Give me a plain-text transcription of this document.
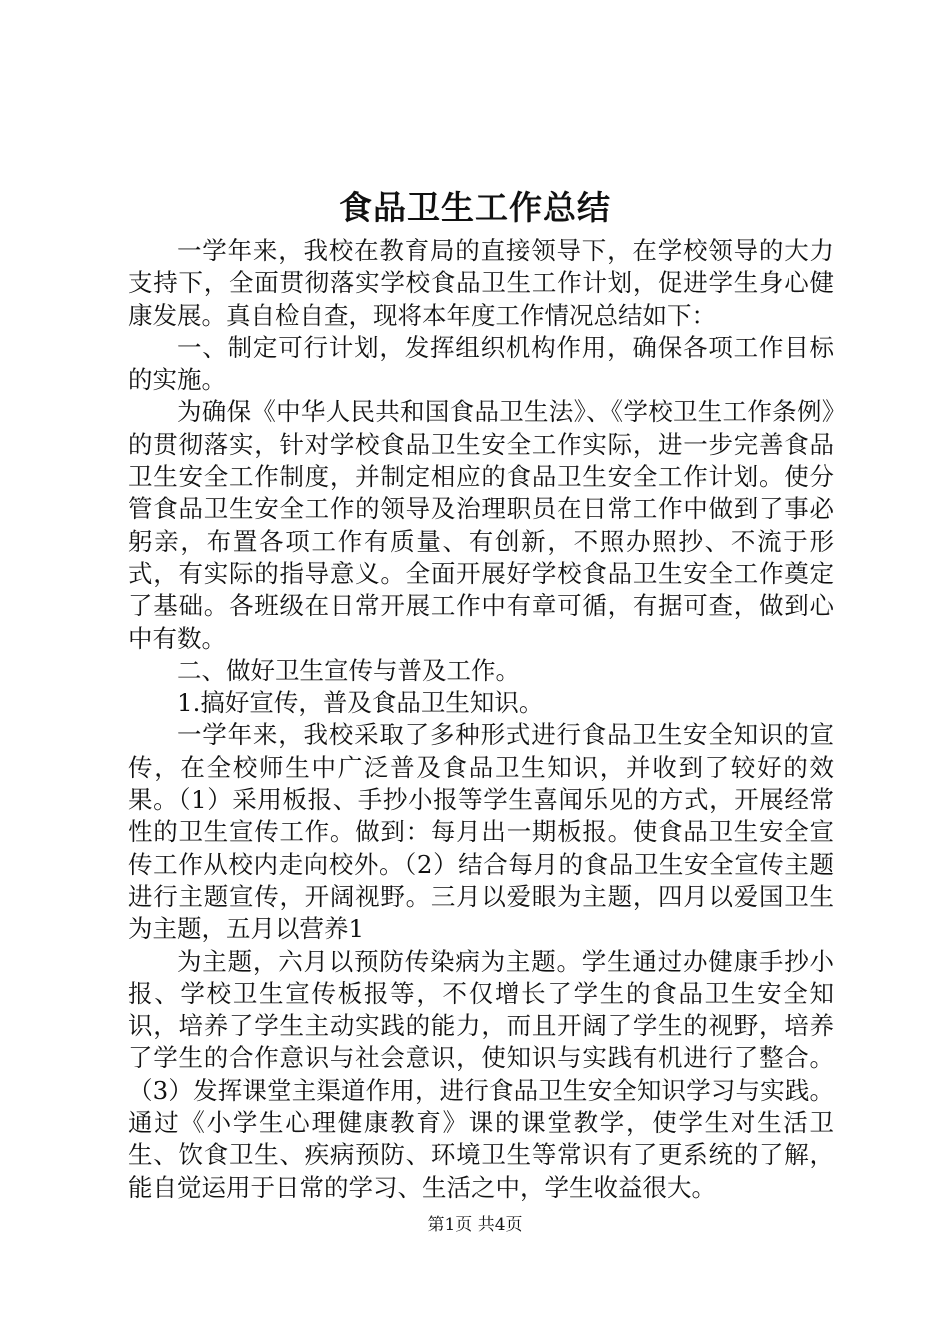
食品卫生工作总结

一学年来，我校在教育局的直接领导下，在学校领导的大力支持下，全面贯彻落实学校食品卫生工作计划，促进学生身心健康发展。真自检自查，现将本年度工作情况总结如下：

一、制定可行计划，发挥组织机构作用，确保各项工作目标的实施。

为确保《中华人民共和国食品卫生法》、《学校卫生工作条例》的贯彻落实，针对学校食品卫生安全工作实际，进一步完善食品卫生安全工作制度，并制定相应的食品卫生安全工作计划。使分管食品卫生安全工作的领导及治理职员在日常工作中做到了事必躬亲，布置各项工作有质量、有创新，不照办照抄、不流于形式，有实际的指导意义。全面开展好学校食品卫生安全工作奠定了基础。各班级在日常开展工作中有章可循，有据可查，做到心中有数。

二、做好卫生宣传与普及工作。

1.搞好宣传，普及食品卫生知识。

一学年来，我校采取了多种形式进行食品卫生安全知识的宣传，在全校师生中广泛普及食品卫生知识，并收到了较好的效果。（1）采用板报、手抄小报等学生喜闻乐见的方式，开展经常性的卫生宣传工作。做到：每月出一期板报。使食品卫生安全宣传工作从校内走向校外。（2）结合每月的食品卫生安全宣传主题进行主题宣传，开阔视野。三月以爱眼为主题，四月以爱国卫生为主题，五月以营养1

为主题，六月以预防传染病为主题。学生通过办健康手抄小报、学校卫生宣传板报等，不仅增长了学生的食品卫生安全知识，培养了学生主动实践的能力，而且开阔了学生的视野，培养了学生的合作意识与社会意识，使知识与实践有机进行了整合。（3）发挥课堂主渠道作用，进行食品卫生安全知识学习与实践。通过《小学生心理健康教育》课的课堂教学，使学生对生活卫生、饮食卫生、疾病预防、环境卫生等常识有了更系统的了解，能自觉运用于日常的学习、生活之中，学生收益很大。

第1页 共4页
